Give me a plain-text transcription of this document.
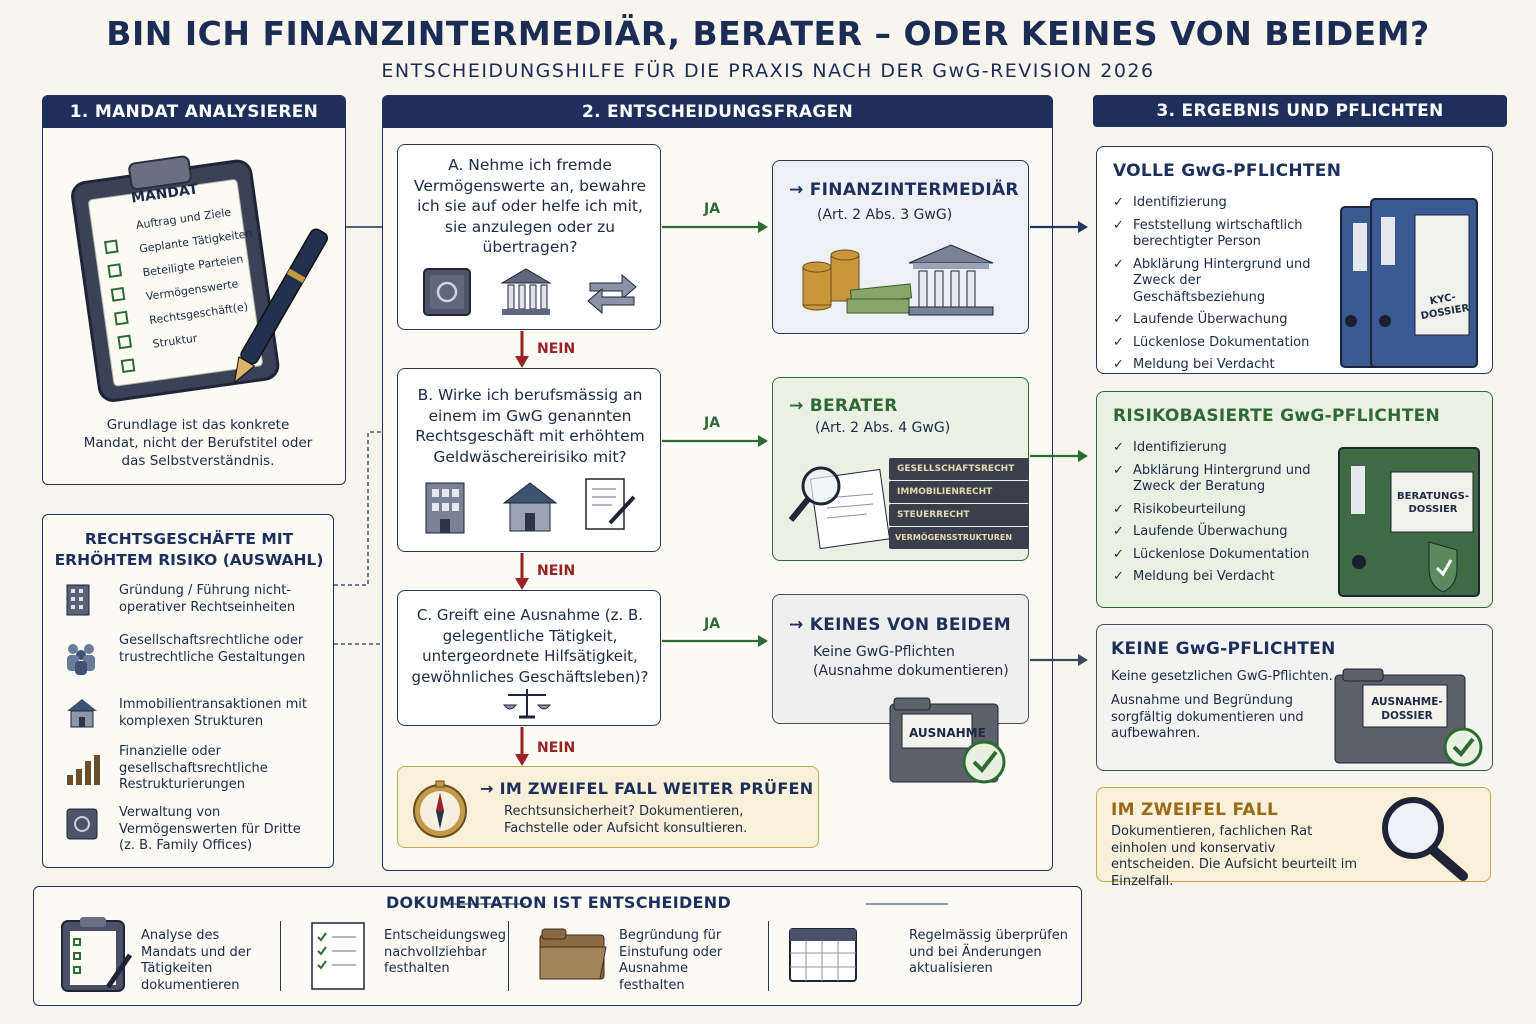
BIN ICH FINANZINTERMEDIÄR, BERATER – ODER KEINES VON BEIDEM?
ENTSCHEIDUNGSHILFE FÜR DIE PRAXIS NACH DER GwG-REVISION 2026
1. MANDAT ANALYSIEREN
MANDAT
Auftrag und Ziele
Geplante Tätigkeiten
Beteiligte Parteien
Vermögenswerte
Rechtsgeschäft(e)
Struktur
Grundlage ist das konkrete Mandat, nicht der Berufstitel oder das Selbstverständnis.
RECHTSGESCHÄFTE MIT ERHÖHTEM RISIKO (AUSWAHL)
Gründung / Führung nicht-operativer Rechtseinheiten
Gesellschaftsrechtliche oder trustrechtliche Gestaltungen
Immobilientransaktionen mit komplexen Strukturen
Finanzielle oder gesellschaftsrechtliche Restrukturierungen
Verwaltung von Vermögenswerten für Dritte (z. B. Family Offices)
2. ENTSCHEIDUNGSFRAGEN
A. Nehme ich fremde Vermögenswerte an, bewahre ich sie auf oder helfe ich mit, sie anzulegen oder zu übertragen?
B. Wirke ich berufsmässig an einem im GwG genannten Rechtsgeschäft mit erhöhtem Geldwäschereirisiko mit?
C. Greift eine Ausnahme (z. B. gelegentliche Tätigkeit, untergeordnete Hilfsätigkeit, gewöhnliches Geschäftsleben)?
JA
JA
JA
NEIN
NEIN
NEIN
→ FINANZINTERMEDIÄR
(Art. 2 Abs. 3 GwG)
→ BERATER
(Art. 2 Abs. 4 GwG)
GESELLSCHAFTSRECHT
IMMOBILIENRECHT
STEUERRECHT
VERMÖGENSSTRUKTUREN
→ KEINES VON BEIDEM
Keine GwG-Pflichten (Ausnahme dokumentieren)
AUSNAHME
→ IM ZWEIFEL FALL WEITER PRÜFEN
Rechtsunsicherheit? Dokumentieren, Fachstelle oder Aufsicht konsultieren.
3. ERGEBNIS UND PFLICHTEN
VOLLE GwG-PFLICHTEN
✓ Identifizierung
✓ Feststellung wirtschaftlich berechtigter Person
✓ Abklärung Hintergrund und Zweck der Geschäftsbeziehung
✓ Laufende Überwachung
✓ Lückenlose Dokumentation
✓ Meldung bei Verdacht
KYC-DOSSIER
RISIKOBASIERTE GwG-PFLICHTEN
✓ Identifizierung
✓ Abklärung Hintergrund und Zweck der Beratung
✓ Risikobeurteilung
✓ Laufende Überwachung
✓ Lückenlose Dokumentation
✓ Meldung bei Verdacht
BERATUNGS-DOSSIER
KEINE GwG-PFLICHTEN
Keine gesetzlichen GwG-Pflichten.
Ausnahme und Begründung sorgfältig dokumentieren und aufbewahren.
AUSNAHME-DOSSIER
IM ZWEIFEL FALL
Dokumentieren, fachlichen Rat einholen und konservativ entscheiden. Die Aufsicht beurteilt im Einzelfall.
DOKUMENTATION IST ENTSCHEIDEND
Analyse des Mandats und der Tätigkeiten dokumentieren
Entscheidungsweg nachvollziehbar festhalten
Begründung für Einstufung oder Ausnahme festhalten
Regelmässig überprüfen und bei Änderungen aktualisieren
